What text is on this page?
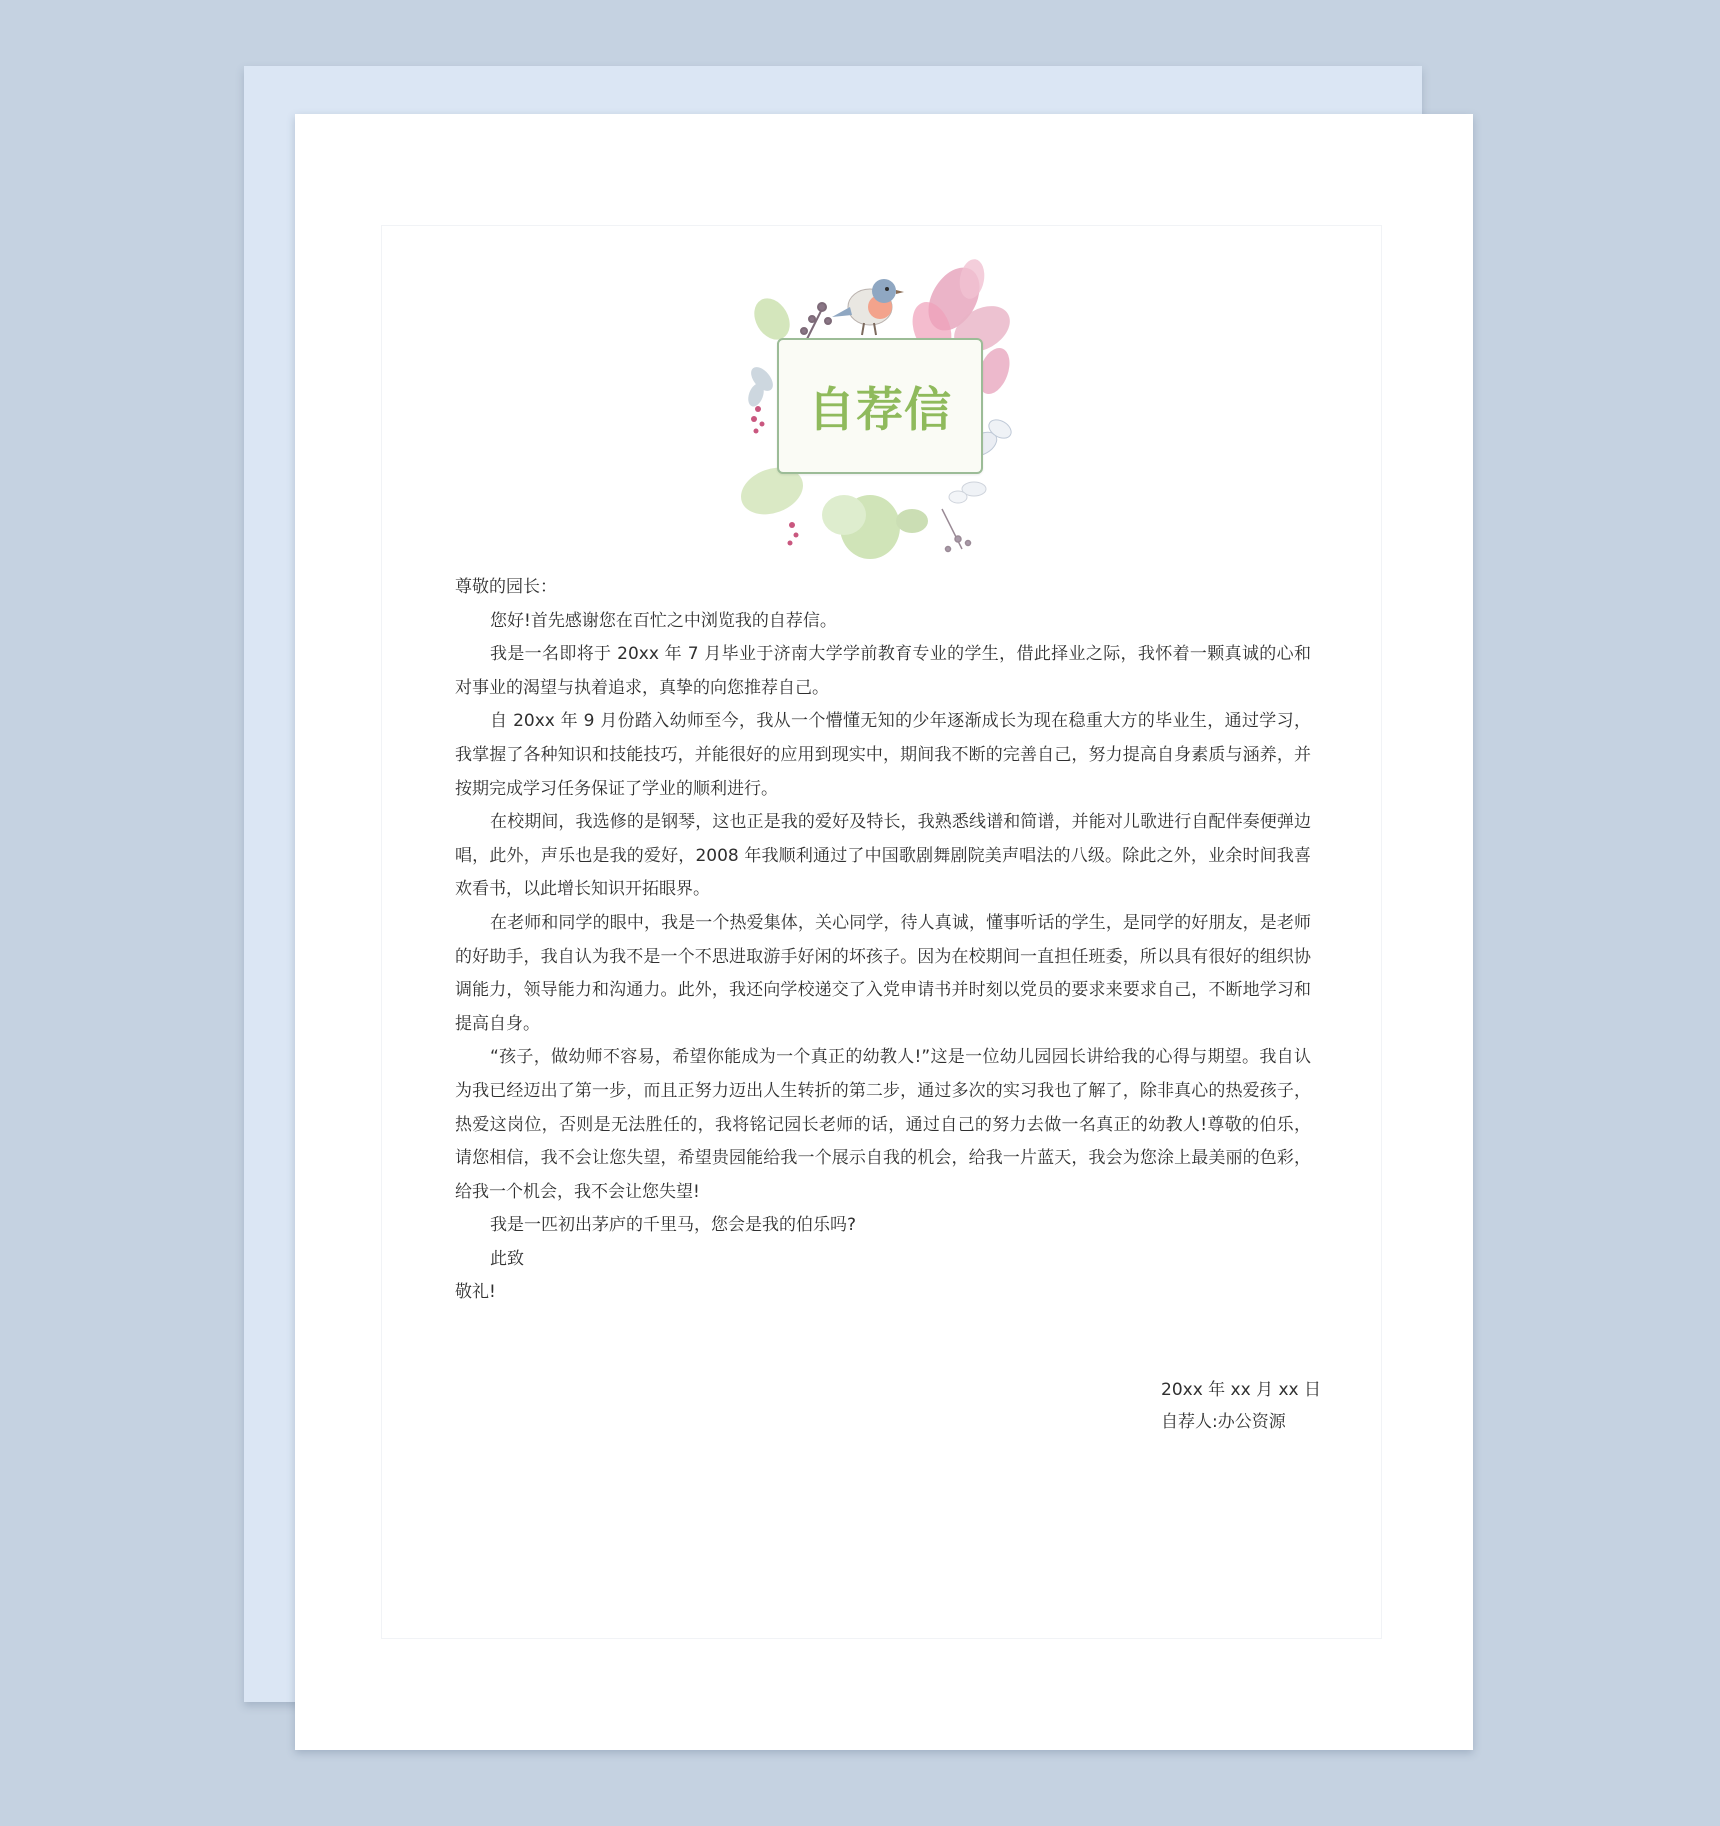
自荐信

尊敬的园长：

您好!首先感谢您在百忙之中浏览我的自荐信。

我是一名即将于 20xx 年 7 月毕业于济南大学学前教育专业的学生，借此择业之际，我怀着一颗真诚的心和对事业的渴望与执着追求，真挚的向您推荐自己。

自 20xx 年 9 月份踏入幼师至今，我从一个懵懂无知的少年逐渐成长为现在稳重大方的毕业生，通过学习，我掌握了各种知识和技能技巧，并能很好的应用到现实中，期间我不断的完善自己，努力提高自身素质与涵养，并按期完成学习任务保证了学业的顺利进行。

在校期间，我选修的是钢琴，这也正是我的爱好及特长，我熟悉线谱和简谱，并能对儿歌进行自配伴奏便弹边唱，此外，声乐也是我的爱好，2008 年我顺利通过了中国歌剧舞剧院美声唱法的八级。除此之外，业余时间我喜欢看书，以此增长知识开拓眼界。

在老师和同学的眼中，我是一个热爱集体，关心同学，待人真诚，懂事听话的学生，是同学的好朋友，是老师的好助手，我自认为我不是一个不思进取游手好闲的坏孩子。因为在校期间一直担任班委，所以具有很好的组织协调能力，领导能力和沟通力。此外，我还向学校递交了入党申请书并时刻以党员的要求来要求自己，不断地学习和提高自身。

“孩子，做幼师不容易，希望你能成为一个真正的幼教人!”这是一位幼儿园园长讲给我的心得与期望。我自认为我已经迈出了第一步，而且正努力迈出人生转折的第二步，通过多次的实习我也了解了，除非真心的热爱孩子，热爱这岗位，否则是无法胜任的，我将铭记园长老师的话，通过自己的努力去做一名真正的幼教人!尊敬的伯乐，请您相信，我不会让您失望，希望贵园能给我一个展示自我的机会，给我一片蓝天，我会为您涂上最美丽的色彩，给我一个机会，我不会让您失望!

我是一匹初出茅庐的千里马，您会是我的伯乐吗?

此致

敬礼!

20xx 年 xx 月 xx 日
自荐人:办公资源
